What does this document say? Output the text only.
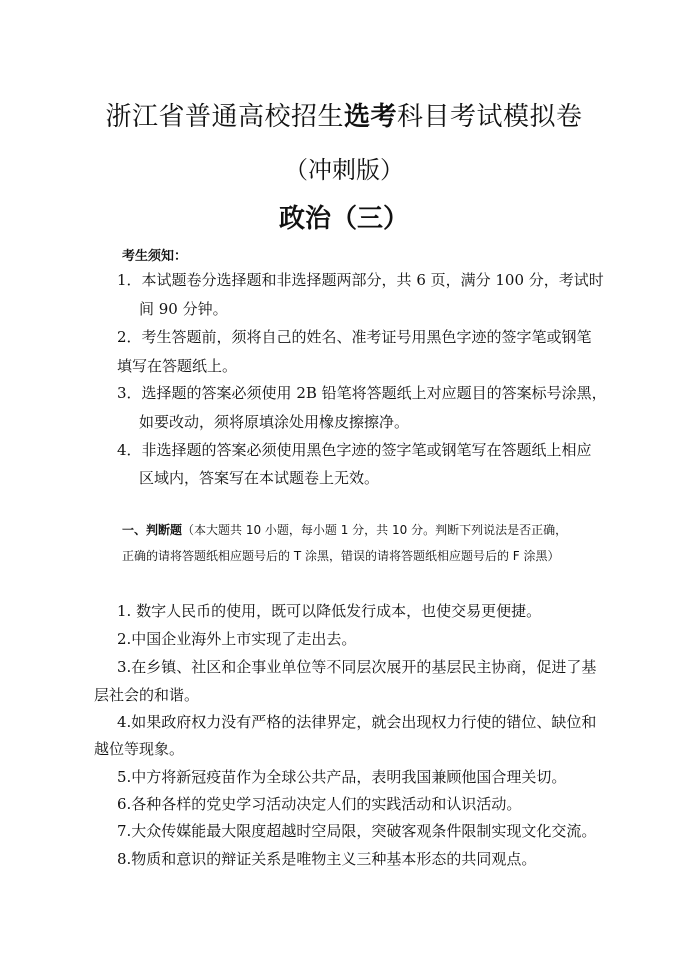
浙江省普通高校招生选考科目考试模拟卷
（冲刺版）
政治（三）
考生须知：
1．本试题卷分选择题和非选择题两部分，共 6 页，满分 100 分，考试时
间 90 分钟。
2．考生答题前，须将自己的姓名、准考证号用黑色字迹的签字笔或钢笔
填写在答题纸上。
3．选择题的答案必须使用 2B 铅笔将答题纸上对应题目的答案标号涂黑，
如要改动，须将原填涂处用橡皮擦擦净。
4．非选择题的答案必须使用黑色字迹的签字笔或钢笔写在答题纸上相应
区域内，答案写在本试题卷上无效。
一、判断题（本大题共 10 小题，每小题 1 分，共 10 分。判断下列说法是否正确，正确的请将答题纸相应题号后的 T 涂黑，错误的请将答题纸相应题号后的 F 涂黑）
1. 数字人民币的使用，既可以降低发行成本，也使交易更便捷。
2.中国企业海外上市实现了走出去。
3.在乡镇、社区和企事业单位等不同层次展开的基层民主协商，促进了基
层社会的和谐。
4.如果政府权力没有严格的法律界定，就会出现权力行使的错位、缺位和
越位等现象。
5.中方将新冠疫苗作为全球公共产品，表明我国兼顾他国合理关切。
6.各种各样的党史学习活动决定人们的实践活动和认识活动。
7.大众传媒能最大限度超越时空局限，突破客观条件限制实现文化交流。
8.物质和意识的辩证关系是唯物主义三种基本形态的共同观点。
